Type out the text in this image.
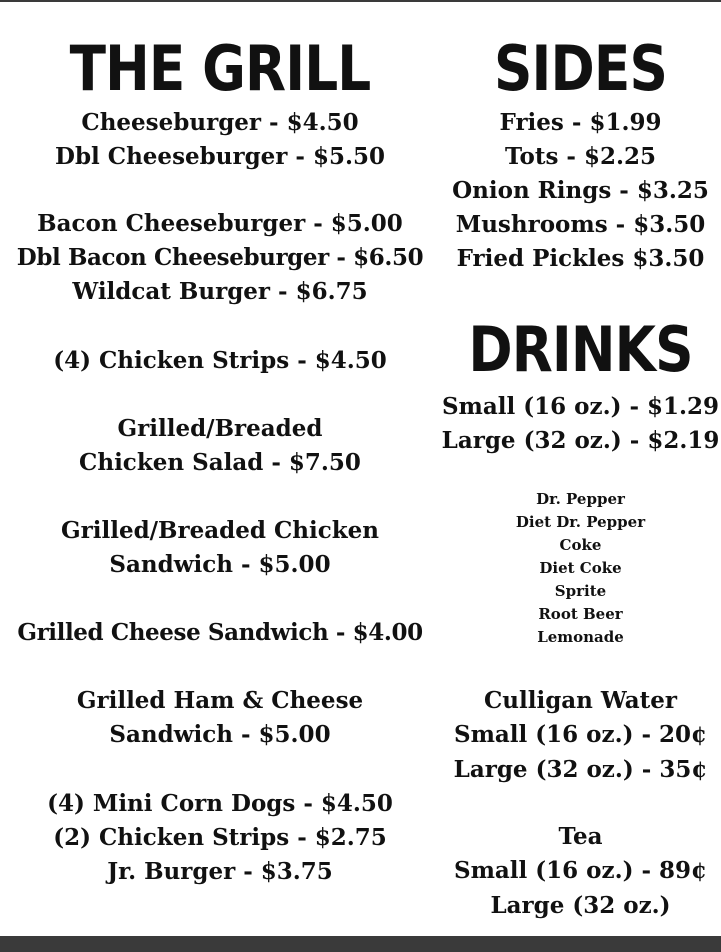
THE GRILL
Cheeseburger - $4.50
Dbl Cheeseburger - $5.50
Bacon Cheeseburger - $5.00
Dbl Bacon Cheeseburger - $6.50
Wildcat Burger - $6.75
(4) Chicken Strips - $4.50
Grilled/Breaded
Chicken Salad - $7.50
Grilled/Breaded Chicken
Sandwich - $5.00
Grilled Cheese Sandwich - $4.00
Grilled Ham & Cheese
Sandwich - $5.00
(4) Mini Corn Dogs - $4.50
(2) Chicken Strips - $2.75
Jr. Burger - $3.75
SIDES
Fries - $1.99
Tots - $2.25
Onion Rings - $3.25
Mushrooms - $3.50
Fried Pickles $3.50
DRINKS
Small (16 oz.) - $1.29
Large (32 oz.) - $2.19
Dr. Pepper
Diet Dr. Pepper
Coke
Diet Coke
Sprite
Root Beer
Lemonade
Culligan Water
Small (16 oz.) - 20¢
Large (32 oz.) - 35¢
Tea
Small (16 oz.) - 89¢
Large (32 oz.)
